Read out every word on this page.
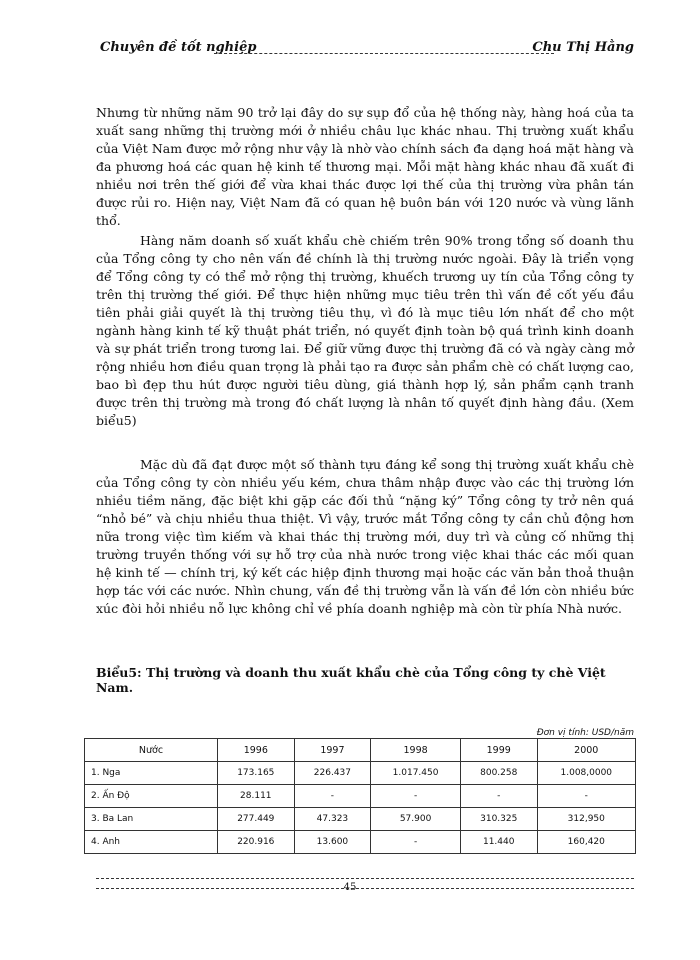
Chuyên đề tốt nghiệp	Chu Thị Hằng

Nhưng từ những năm 90 trở lại đây do sự sụp đổ của hệ thống này, hàng hoá của ta xuất sang những thị trường mới ở nhiều châu lục khác nhau. Thị trường xuất khẩu của Việt Nam được mở rộng như vậy là nhờ vào chính sách đa dạng hoá mặt hàng và đa phương hoá các quan hệ kinh tế thương mại. Mỗi mặt hàng khác nhau đã xuất đi nhiều nơi trên thế giới để vừa khai thác được lợi thế của thị trường vừa phân tán được rủi ro. Hiện nay, Việt Nam đã có quan hệ buôn bán với 120 nước và vùng lãnh thổ.

Hàng năm doanh số xuất khẩu chè chiếm trên 90% trong tổng số doanh thu của Tổng công ty cho nên vấn đề chính là thị trường nước ngoài. Đây là triển vọng để Tổng công ty có thể mở rộng thị trường, khuếch trương uy tín của Tổng công ty trên thị trường thế giới. Để thực hiện những mục tiêu trên thì vấn đề cốt yếu đầu tiên phải giải quyết là thị trường tiêu thụ, vì đó là mục tiêu lớn nhất để cho một ngành hàng kinh tế kỹ thuật phát triển, nó quyết định toàn bộ quá trình kinh doanh và sự phát triển trong tương lai. Để giữ vững được thị trường đã có và ngày càng mở rộng nhiều hơn điều quan trọng là phải tạo ra được sản phẩm chè có chất lượng cao, bao bì đẹp thu hút được người tiêu dùng, giá thành hợp lý, sản phẩm cạnh tranh được trên thị trường mà trong đó chất lượng là nhân tố quyết định hàng đầu. (Xem biểu5)

Mặc dù đã đạt được một số thành tựu đáng kể song thị trường xuất khẩu chè của Tổng công ty còn nhiều yếu kém, chưa thâm nhập được vào các thị trường lớn nhiều tiềm năng, đặc biệt khi gặp các đối thủ “nặng ký” Tổng công ty trở nên quá “nhỏ bé” và chịu nhiều thua thiệt. Vì vậy, trước mắt Tổng công ty cần chủ động hơn nữa trong việc tìm kiếm và khai thác thị trường mới, duy trì và củng cố những thị trường truyền thống với sự hỗ trợ của nhà nước trong việc khai thác các mối quan hệ kinh tế — chính trị, ký kết các hiệp định thương mại hoặc các văn bản thoả thuận hợp tác với các nước. Nhìn chung, vấn đề thị trường vẫn là vấn đề lớn còn nhiều bức xúc đòi hỏi nhiều nỗ lực không chỉ về phía doanh nghiệp mà còn từ phía Nhà nước.

Biểu5: Thị trường và doanh thu xuất khẩu chè của Tổng công ty chè Việt Nam.
Đơn vị tính: USD/năm
Nước	1996	1997	1998	1999	2000
1. Nga	173.165	226.437	1.017.450	800.258	1.008,0000
2. Ấn Độ	28.111	-	-	-	-
3. Ba Lan	277.449	47.323	57.900	310.325	312,950
4. Anh	220.916	13.600	-	11.440	160,420
45
